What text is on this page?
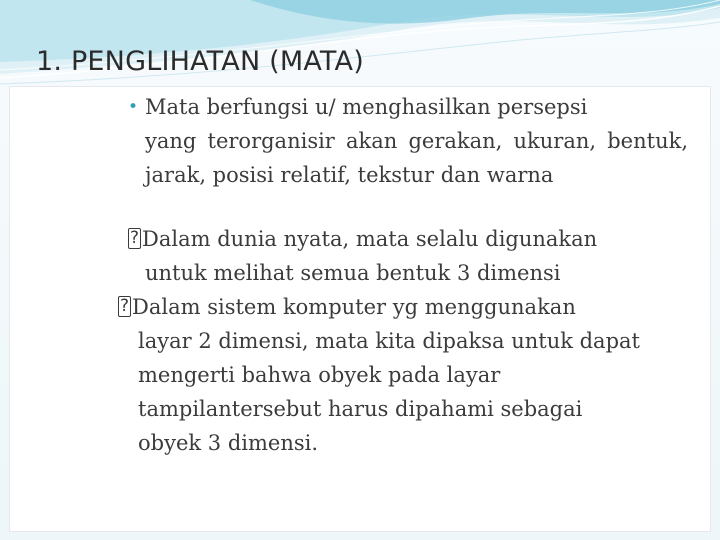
1. PENGLIHATAN (MATA)
• Mata berfungsi u/ menghasilkan persepsi
yang terorganisir akan gerakan, ukuran, bentuk, jarak, posisi relatif, tekstur dan warna
? Dalam dunia nyata, mata selalu digunakan
untuk melihat semua bentuk 3 dimensi
? Dalam sistem komputer yg menggunakan
layar 2 dimensi, mata kita dipaksa untuk dapat mengerti bahwa obyek pada layar tampilantersebut harus dipahami sebagai obyek 3 dimensi.
